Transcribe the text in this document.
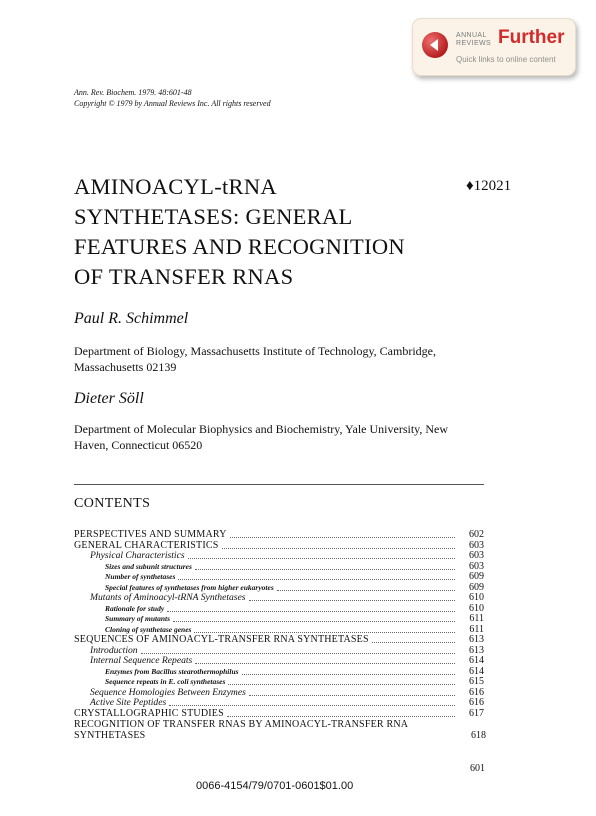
ANNUAL
REVIEWS Further
Quick links to online content
Ann. Rev. Biochem. 1979. 48:601-48
Copyright © 1979 by Annual Reviews Inc. All rights reserved
AMINOACYL-tRNA
SYNTHETASES: GENERAL
FEATURES AND RECOGNITION
OF TRANSFER RNAS
♦12021
Paul R. Schimmel
Department of Biology, Massachusetts Institute of Technology, Cambridge, Massachusetts 02139
Dieter Söll
Department of Molecular Biophysics and Biochemistry, Yale University, New Haven, Connecticut 06520
CONTENTS
PERSPECTIVES AND SUMMARY	602
GENERAL CHARACTERISTICS	603
Physical Characteristics	603
Sizes and subunit structures	603
Number of synthetases	609
Special features of synthetases from higher eukaryotes	609
Mutants of Aminoacyl-tRNA Synthetases	610
Rationale for study	610
Summary of mutants	611
Cloning of synthetase genes	611
SEQUENCES OF AMINOACYL-TRANSFER RNA SYNTHETASES	613
Introduction	613
Internal Sequence Repeats	614
Enzymes from Bacillus stearothermophilus	614
Sequence repeats in E. coli synthetases	615
Sequence Homologies Between Enzymes	616
Active Site Peptides	616
CRYSTALLOGRAPHIC STUDIES	617
RECOGNITION OF TRANSFER RNAS BY AMINOACYL-TRANSFER RNA SYNTHETASES	618
601
0066-4154/79/0701-0601$01.00
